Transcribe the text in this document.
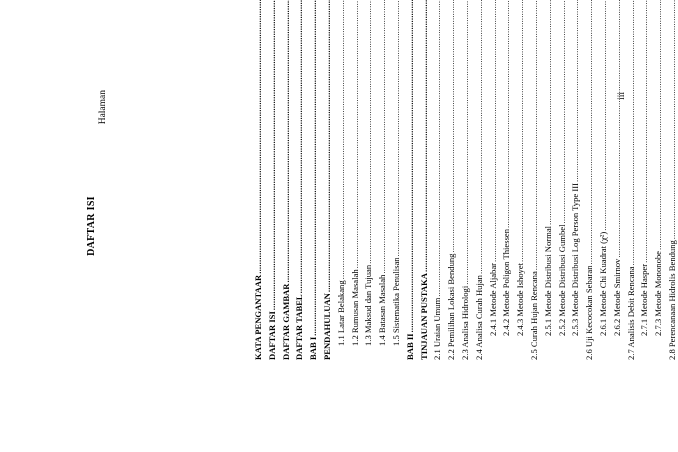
DAFTAR ISI
Halaman
KATA PENGANTAAR
..... DAFTAR ISI
..... DAFTAR GAMBAR
..... DAFTAR TABEL
..... BAB I ..... PENDAHULUAN
..... 1.1 Latar Belakang
..... 1.2 Rumusan Masalah
..... 1.3 Maksud dan Tujuan
..... 1.4 Batasan Masalah
..... 1.5 Sistematika Penulisan
.....
BAB II ..... TINJAUAN PUSTAKA
..... 2.1 Uraian Umum
..... 2.2 Pemilihan Lokasi Bendung
..... 2.3 Analisa Hidrologi
..... 2.4 Analisa Curah Hujan
..... 2.4.1 Metode Aljabar
..... 2.4.2 Metode Poligon Thiessen
..... 2.4.3 Metode Ishoyet
..... 2.5 Curah Hujan Rencana
..... 2.5.1 Metode Distribusi Normal
..... 2.5.2 Metode Distribusi Gumbel
..... 2.5.3 Metode Distribusi Log Person Type III
..... 2.6 Uji Kecocokan Sebaran
..... 2.6.1 Metode Chi Kuadrat (χ²)
..... 2.6.2 Metode Smirnov
..... 2.7 Analisis Debit Rencana
..... 2.7.1 Metode Hasper
..... 2.7.3 Metode Mononobe
..... 2.8 Perencanaan Hidrolis Bendung
.....
iii
